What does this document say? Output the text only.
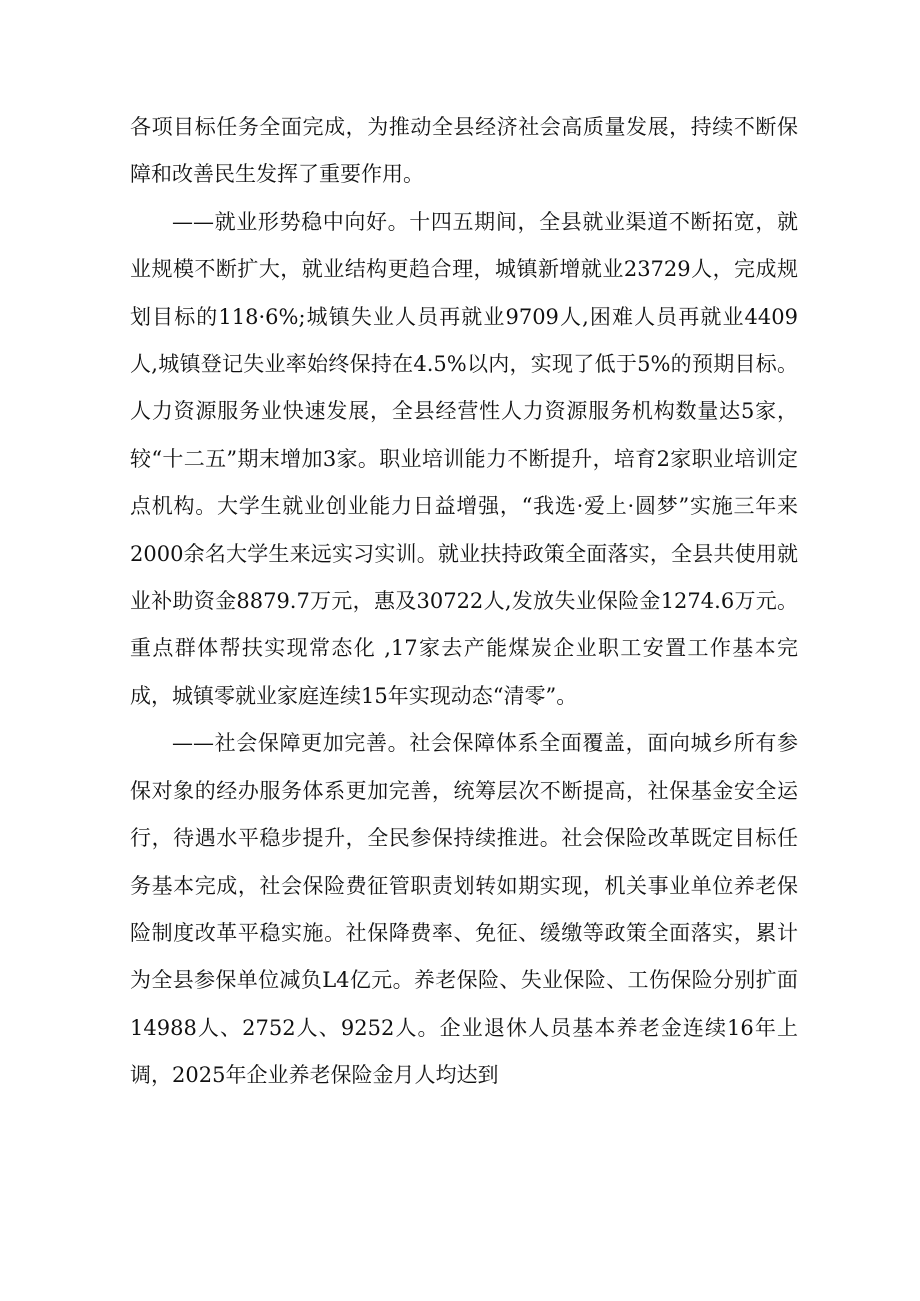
各项目标任务全面完成，为推动全县经济社会高质量发展，持续不断保障和改善民生发挥了重要作用。

——就业形势稳中向好。十四五期间，全县就业渠道不断拓宽，就业规模不断扩大，就业结构更趋合理，城镇新增就业23729人，完成规划目标的118·6%;城镇失业人员再就业9709人,困难人员再就业4409人,城镇登记失业率始终保持在4.5%以内，实现了低于5%的预期目标。人力资源服务业快速发展，全县经营性人力资源服务机构数量达5家，较“十二五”期末增加3家。职业培训能力不断提升，培育2家职业培训定点机构。大学生就业创业能力日益增强，“我选·爱上·圆梦”实施三年来2000余名大学生来远实习实训。就业扶持政策全面落实，全县共使用就业补助资金8879.7万元，惠及30722人,发放失业保险金1274.6万元。重点群体帮扶实现常态化 ,17家去产能煤炭企业职工安置工作基本完成，城镇零就业家庭连续15年实现动态“清零”。

——社会保障更加完善。社会保障体系全面覆盖，面向城乡所有参保对象的经办服务体系更加完善，统筹层次不断提高，社保基金安全运行，待遇水平稳步提升，全民参保持续推进。社会保险改革既定目标任务基本完成，社会保险费征管职责划转如期实现，机关事业单位养老保险制度改革平稳实施。社保降费率、免征、缓缴等政策全面落实，累计为全县参保单位减负L4亿元。养老保险、失业保险、工伤保险分别扩面14988人、2752人、9252人。企业退休人员基本养老金连续16年上调，2025年企业养老保险金月人均达到
